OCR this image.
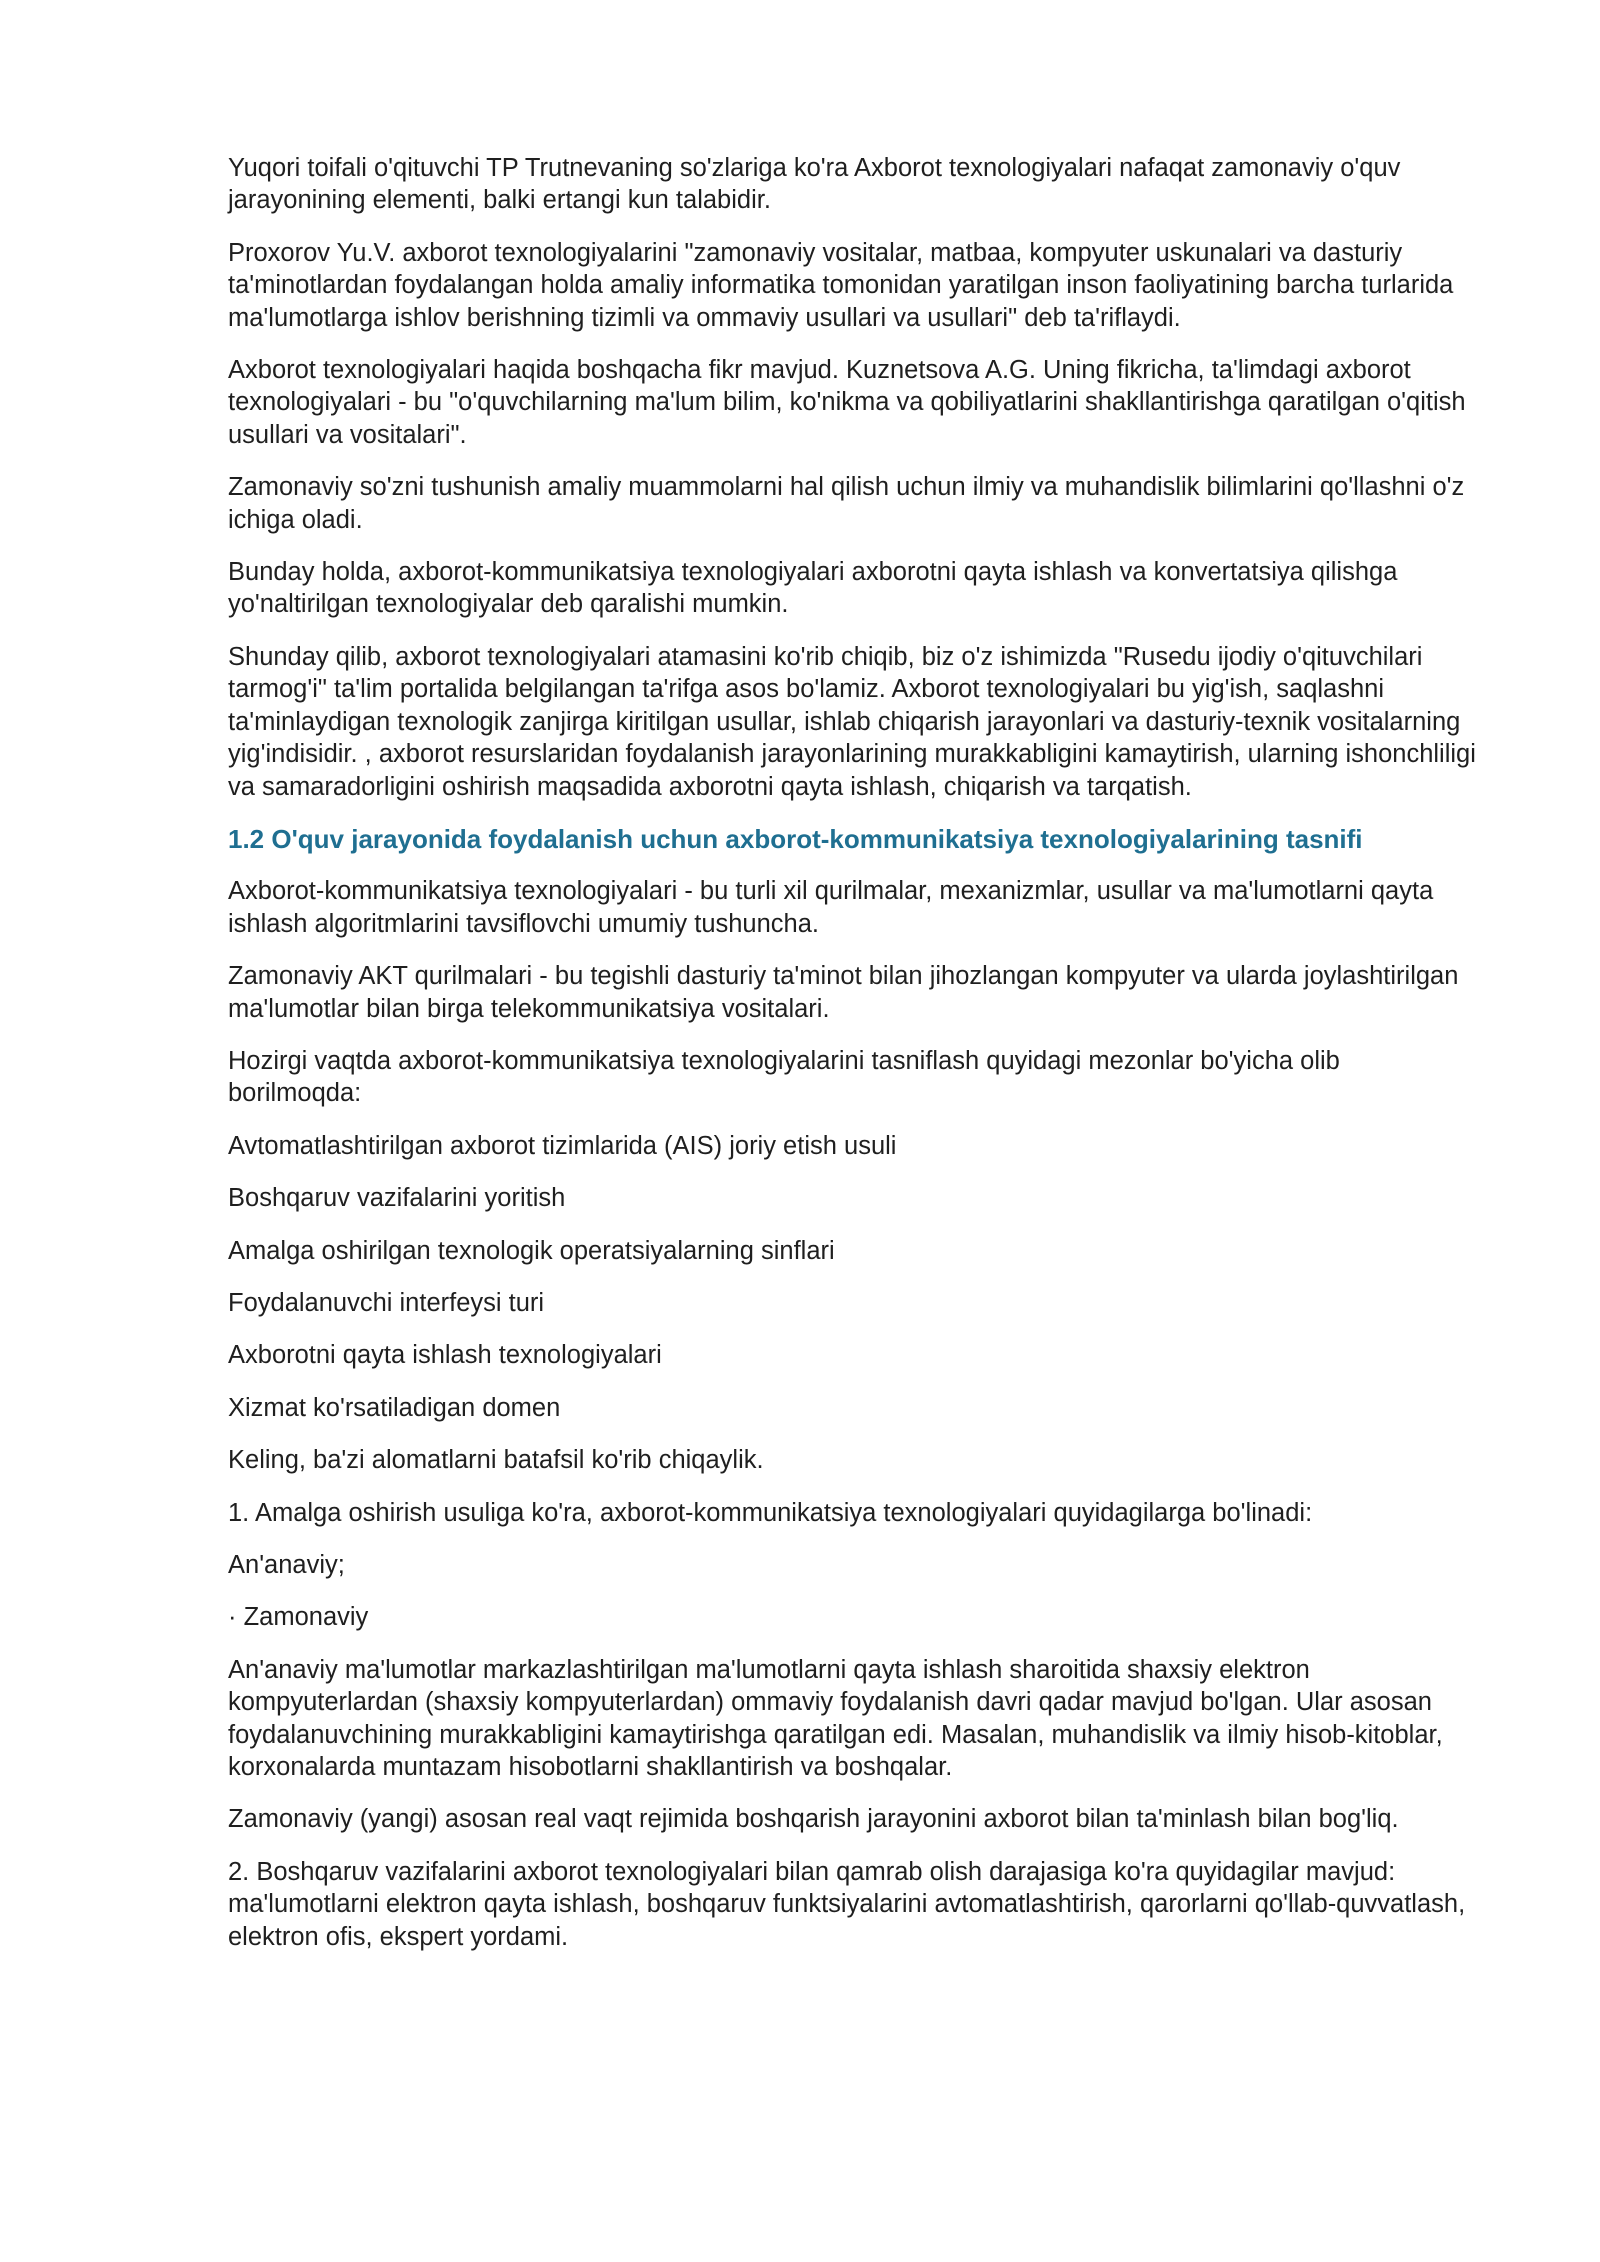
Yuqori toifali o'qituvchi TP Trutnevaning so'zlariga ko'ra Axborot texnologiyalari nafaqat zamonaviy o'quv jarayonining elementi, balki ertangi kun talabidir.

Proxorov Yu.V. axborot texnologiyalarini "zamonaviy vositalar, matbaa, kompyuter uskunalari va dasturiy ta'minotlardan foydalangan holda amaliy informatika tomonidan yaratilgan inson faoliyatining barcha turlarida ma'lumotlarga ishlov berishning tizimli va ommaviy usullari va usullari" deb ta'riflaydi.

Axborot texnologiyalari haqida boshqacha fikr mavjud. Kuznetsova A.G. Uning fikricha, ta'limdagi axborot texnologiyalari - bu "o'quvchilarning ma'lum bilim, ko'nikma va qobiliyatlarini shakllantirishga qaratilgan o'qitish usullari va vositalari".

Zamonaviy so'zni tushunish amaliy muammolarni hal qilish uchun ilmiy va muhandislik bilimlarini qo'llashni o'z ichiga oladi.

Bunday holda, axborot-kommunikatsiya texnologiyalari axborotni qayta ishlash va konvertatsiya qilishga yo'naltirilgan texnologiyalar deb qaralishi mumkin.

Shunday qilib, axborot texnologiyalari atamasini ko'rib chiqib, biz o'z ishimizda "Rusedu ijodiy o'qituvchilari tarmog'i" ta'lim portalida belgilangan ta'rifga asos bo'lamiz. Axborot texnologiyalari bu yig'ish, saqlashni ta'minlaydigan texnologik zanjirga kiritilgan usullar, ishlab chiqarish jarayonlari va dasturiy-texnik vositalarning yig'indisidir. , axborot resurslaridan foydalanish jarayonlarining murakkabligini kamaytirish, ularning ishonchliligi va samaradorligini oshirish maqsadida axborotni qayta ishlash, chiqarish va tarqatish.

1.2 O'quv jarayonida foydalanish uchun axborot-kommunikatsiya texnologiyalarining tasnifi

Axborot-kommunikatsiya texnologiyalari - bu turli xil qurilmalar, mexanizmlar, usullar va ma'lumotlarni qayta ishlash algoritmlarini tavsiflovchi umumiy tushuncha.

Zamonaviy AKT qurilmalari - bu tegishli dasturiy ta'minot bilan jihozlangan kompyuter va ularda joylashtirilgan ma'lumotlar bilan birga telekommunikatsiya vositalari.

Hozirgi vaqtda axborot-kommunikatsiya texnologiyalarini tasniflash quyidagi mezonlar bo'yicha olib borilmoqda:

Avtomatlashtirilgan axborot tizimlarida (AIS) joriy etish usuli

Boshqaruv vazifalarini yoritish

Amalga oshirilgan texnologik operatsiyalarning sinflari

Foydalanuvchi interfeysi turi

Axborotni qayta ishlash texnologiyalari

Xizmat ko'rsatiladigan domen

Keling, ba'zi alomatlarni batafsil ko'rib chiqaylik.

1. Amalga oshirish usuliga ko'ra, axborot-kommunikatsiya texnologiyalari quyidagilarga bo'linadi:

An'anaviy;

· Zamonaviy

An'anaviy ma'lumotlar markazlashtirilgan ma'lumotlarni qayta ishlash sharoitida shaxsiy elektron kompyuterlardan (shaxsiy kompyuterlardan) ommaviy foydalanish davri qadar mavjud bo'lgan. Ular asosan foydalanuvchining murakkabligini kamaytirishga qaratilgan edi. Masalan, muhandislik va ilmiy hisob-kitoblar, korxonalarda muntazam hisobotlarni shakllantirish va boshqalar.

Zamonaviy (yangi) asosan real vaqt rejimida boshqarish jarayonini axborot bilan ta'minlash bilan bog'liq.

2. Boshqaruv vazifalarini axborot texnologiyalari bilan qamrab olish darajasiga ko'ra quyidagilar mavjud: ma'lumotlarni elektron qayta ishlash, boshqaruv funktsiyalarini avtomatlashtirish, qarorlarni qo'llab-quvvatlash, elektron ofis, ekspert yordami.
